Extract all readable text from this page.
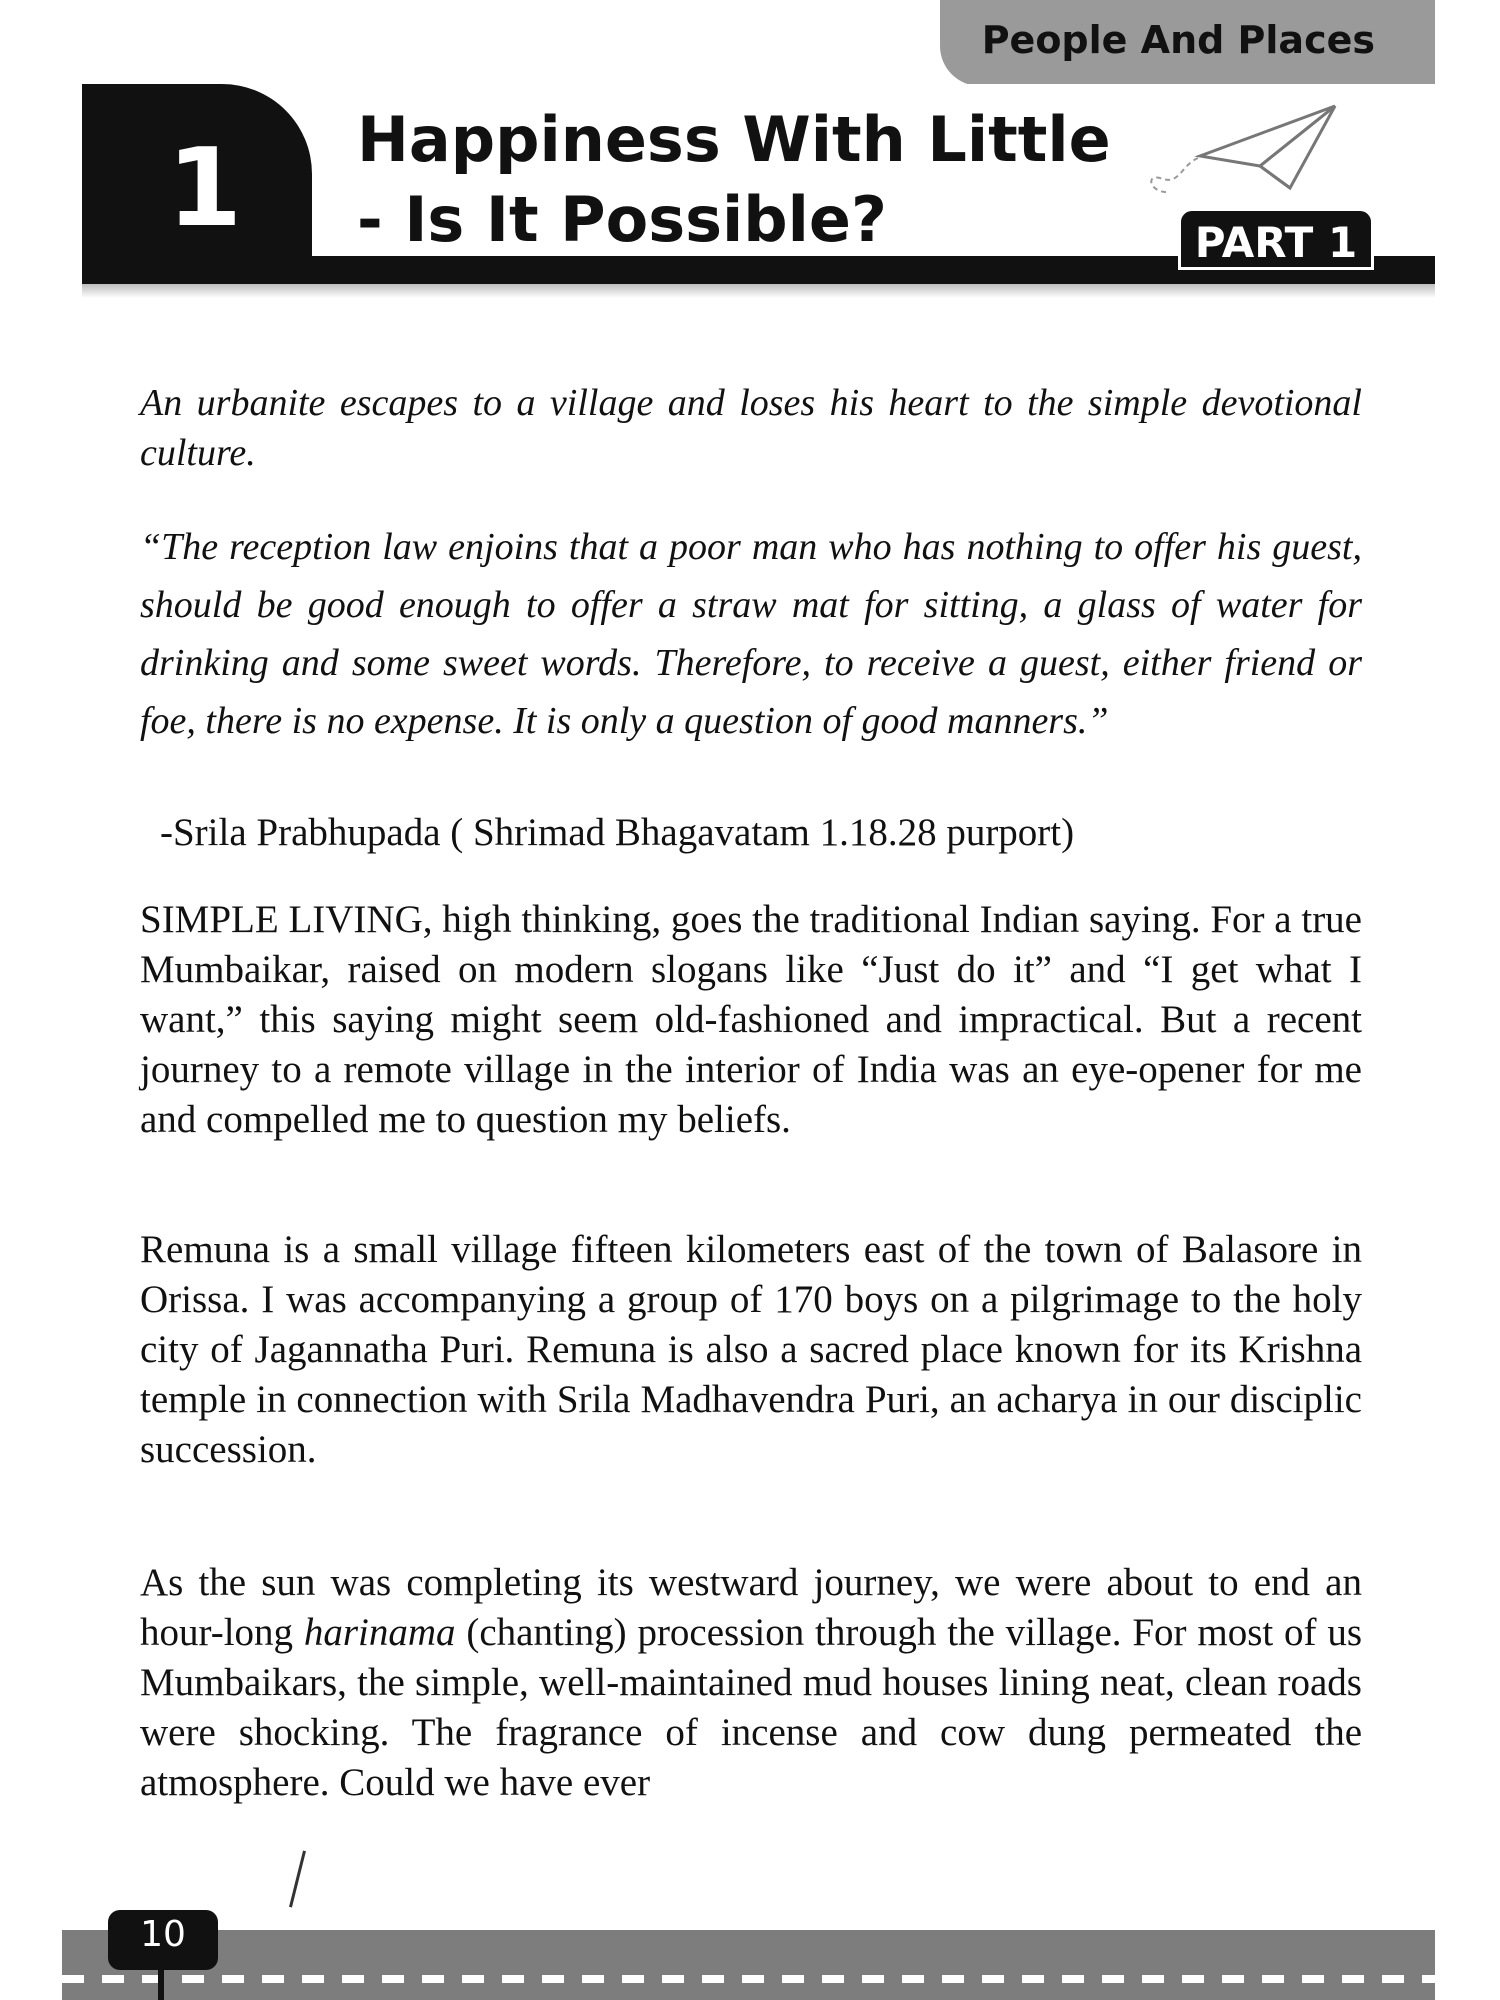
People And Places
1 Happiness With Little
- Is It Possible?	PART 1

An urbanite escapes to a village and loses his heart to the simple devotional culture.

“The reception law enjoins that a poor man who has nothing to offer his guest, should be good enough to offer a straw mat for sitting, a glass of water for drinking and some sweet words. Therefore, to receive a guest, either friend or foe, there is no expense. It is only a question of good manners.”

-Srila Prabhupada ( Shrimad Bhagavatam 1.18.28 purport)

SIMPLE LIVING, high thinking, goes the traditional Indian saying. For a true Mumbaikar, raised on modern slogans like “Just do it” and “I get what I want,” this saying might seem old-fashioned and impractical. But a recent journey to a remote village in the interior of India was an eye-opener for me and compelled me to question my beliefs.

Remuna is a small village fifteen kilometers east of the town of Balasore in Orissa. I was accompanying a group of 170 boys on a pilgrimage to the holy city of Jagannatha Puri. Remuna is also a sacred place known for its Krishna temple in connection with Srila Madhavendra Puri, an acharya in our disciplic succession.

As the sun was completing its westward journey, we were about to end an hour-long harinama (chanting) procession through the village. For most of us Mumbaikars, the simple, well-maintained mud houses lining neat, clean roads were shocking. The fragrance of incense and cow dung permeated the atmosphere. Could we have ever

10
